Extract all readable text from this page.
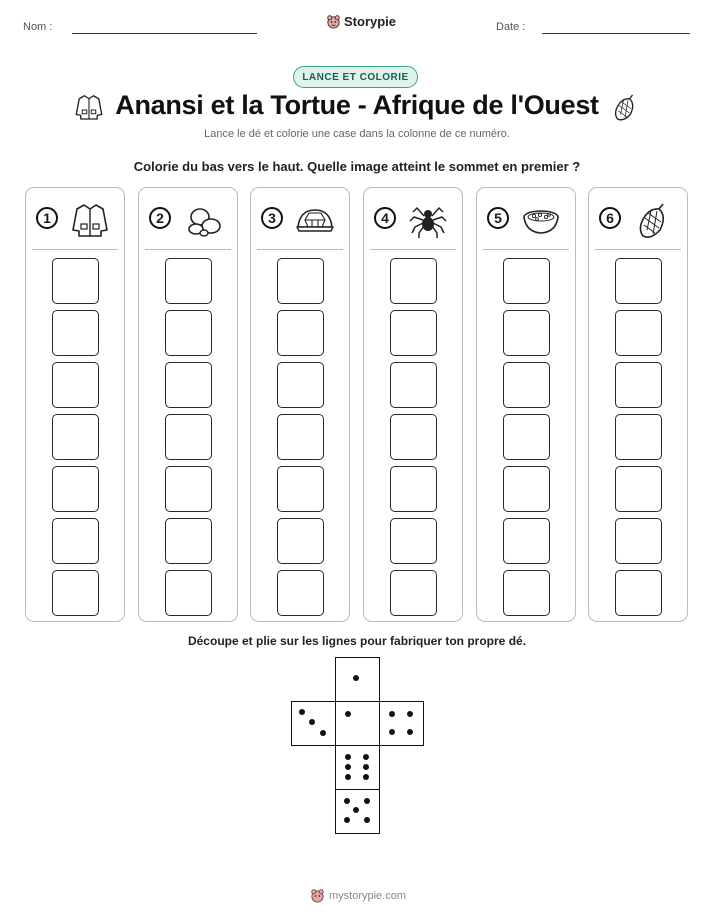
Nom :	Storypie	Date :
LANCE ET COLORIE
Anansi et la Tortue - Afrique de l'Ouest
Lance le dé et colorie une case dans la colonne de ce numéro.
Colorie du bas vers le haut. Quelle image atteint le sommet en premier ?
1	2	3	4	5	6
Découpe et plie sur les lignes pour fabriquer ton propre dé.
mystorypie.com
